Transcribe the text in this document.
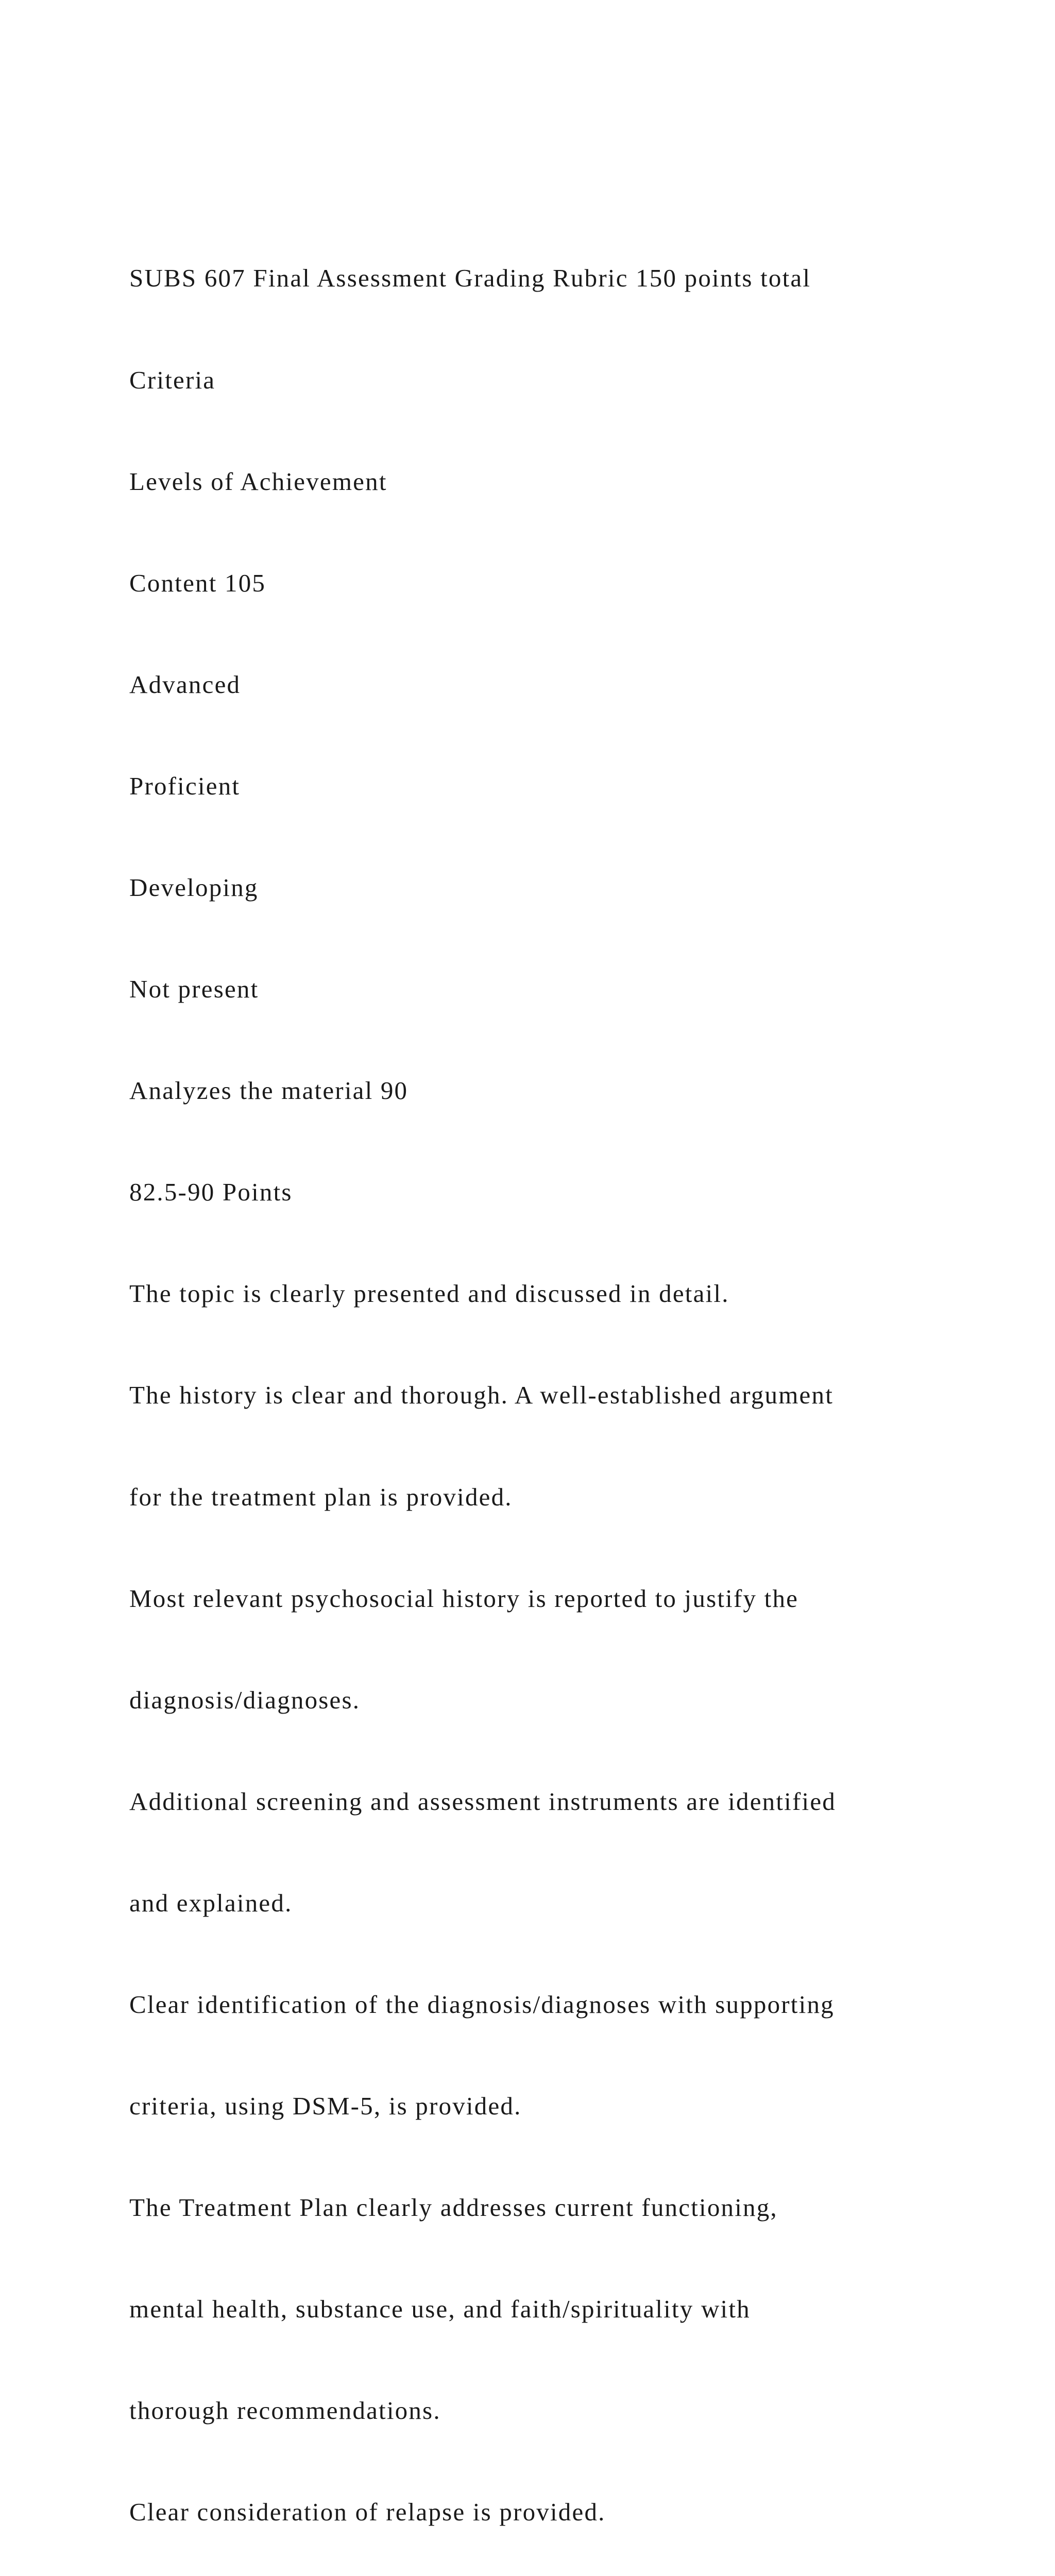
SUBS 607 Final Assessment Grading Rubric 150 points total

Criteria

Levels of Achievement

Content 105

Advanced

Proficient

Developing

Not present

Analyzes the material 90

82.5-90 Points

The topic is clearly presented and discussed in detail.

The history is clear and thorough. A well-established argument

for the treatment plan is provided.

Most relevant psychosocial history is reported to justify the

diagnosis/diagnoses.

Additional screening and assessment instruments are identified

and explained.

Clear identification of the diagnosis/diagnoses with supporting

criteria, using DSM-5, is provided.

The Treatment Plan clearly addresses current functioning,

mental health, substance use, and faith/spirituality with

thorough recommendations.

Clear consideration of relapse is provided.
